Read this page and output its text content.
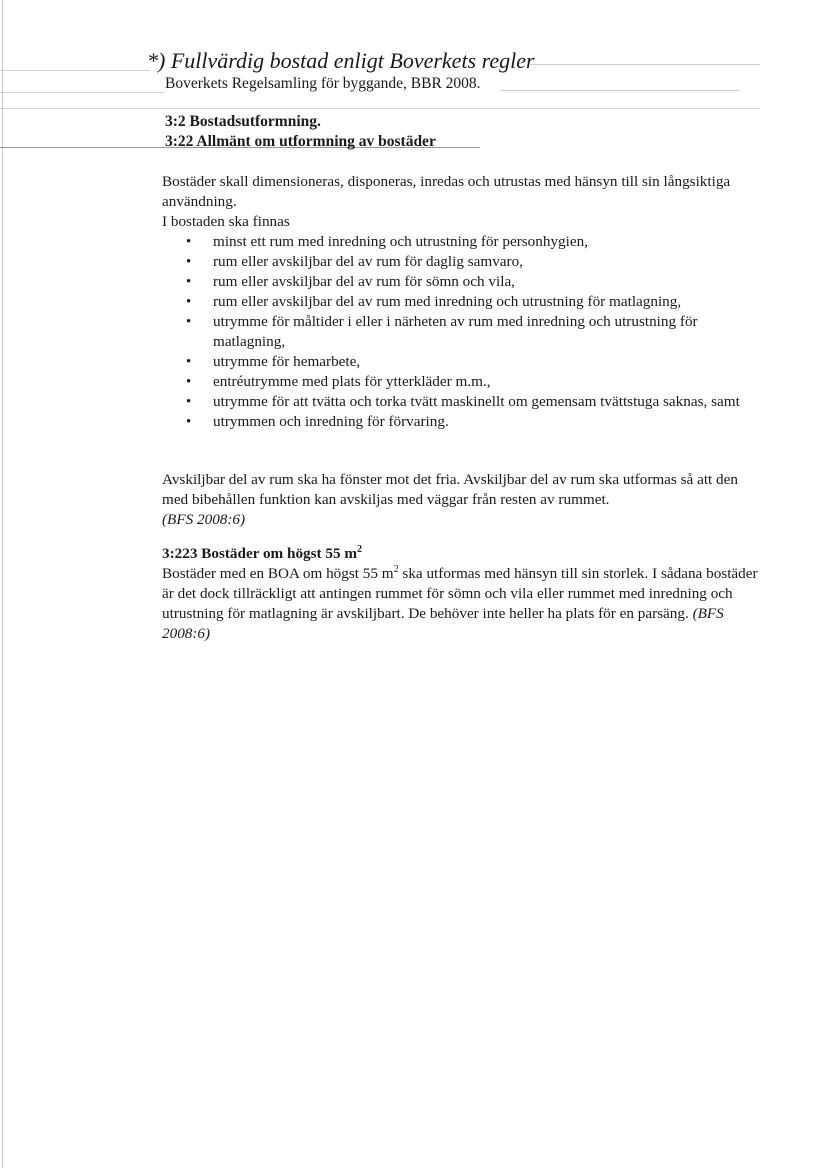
*) Fullvärdig bostad enligt Boverkets regler
Boverkets Regelsamling för byggande, BBR 2008.
3:2 Bostadsutformning.
3:22 Allmänt om utformning av bostäder

Bostäder skall dimensioneras, disponeras, inredas och utrustas med hänsyn till sin långsiktiga användning.

I bostaden ska finnas

• minst ett rum med inredning och utrustning för personhygien,
• rum eller avskiljbar del av rum för daglig samvaro,
• rum eller avskiljbar del av rum för sömn och vila,
• rum eller avskiljbar del av rum med inredning och utrustning för matlagning,
• utrymme för måltider i eller i närheten av rum med inredning och utrustning för matlagning,
• utrymme för hemarbete,
• entréutrymme med plats för ytterkläder m.m.,
• utrymme för att tvätta och torka tvätt maskinellt om gemensam tvättstuga saknas, samt
• utrymmen och inredning för förvaring.
Avskiljbar del av rum ska ha fönster mot det fria. Avskiljbar del av rum ska utformas så att den med bibehållen funktion kan avskiljas med väggar från resten av rummet.
(BFS 2008:6)
3:223 Bostäder om högst 55 $m^2$
Bostäder med en BOA om högst 55 $m^2$ ska utformas med hänsyn till sin storlek. I sådana bostäder är det dock tillräckligt att antingen rummet för sömn och vila eller rummet med inredning och utrustning för matlagning är avskiljbart. De behöver inte heller ha plats för en parsäng. (BFS 2008:6)
